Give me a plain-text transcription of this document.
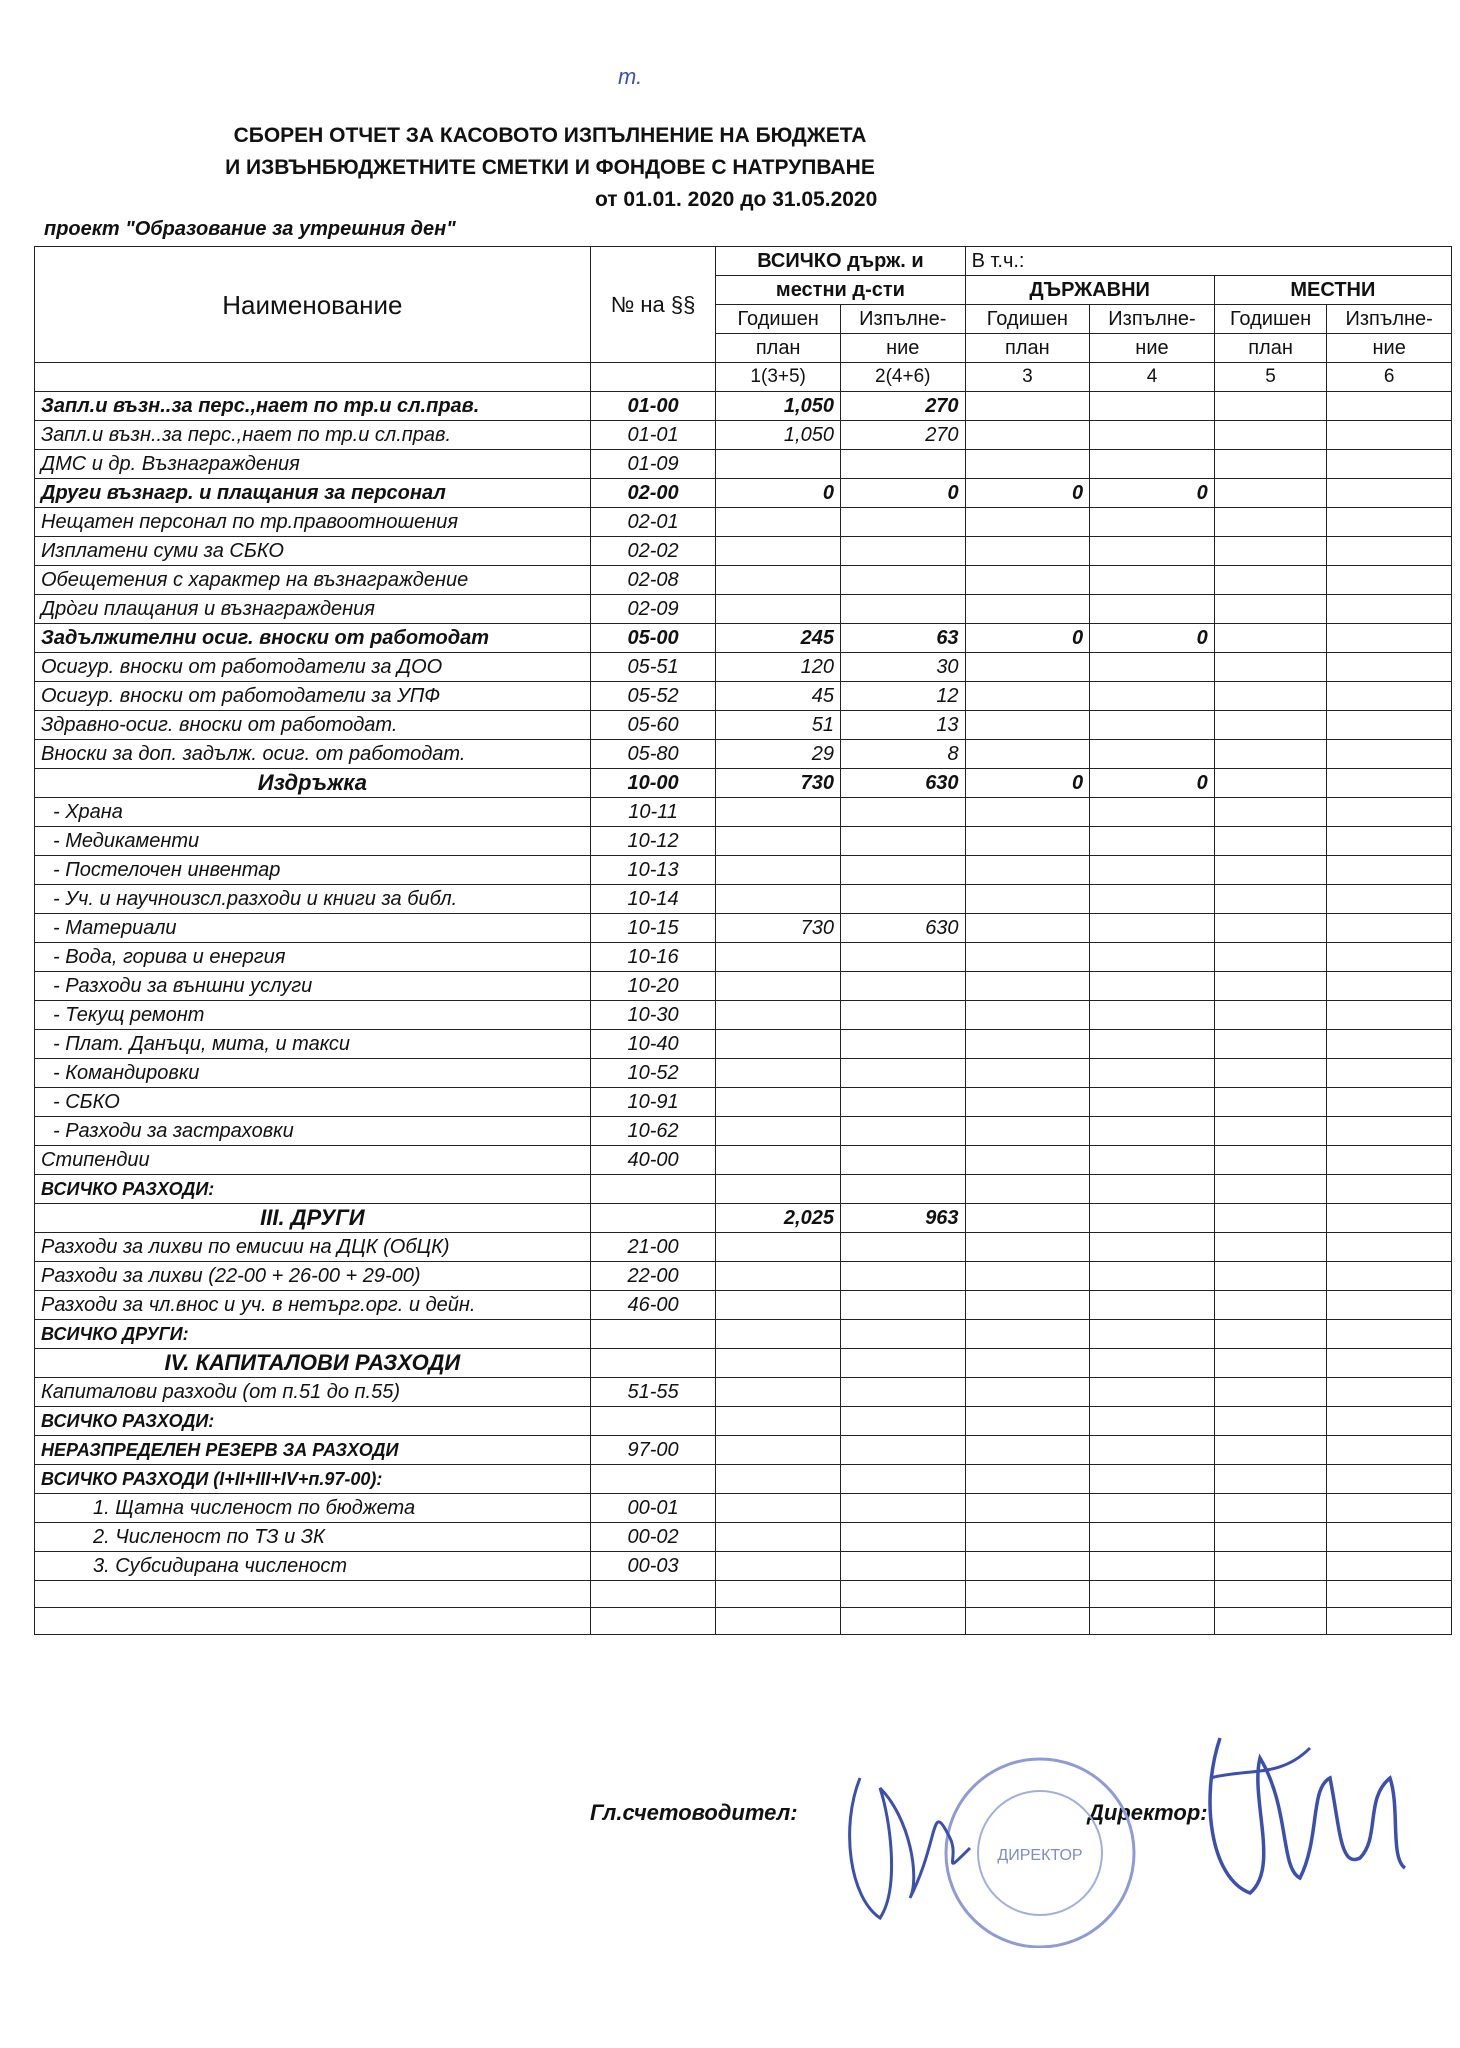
т.
СБОРЕН ОТЧЕТ ЗА КАСОВОТО ИЗПЪЛНЕНИЕ НА БЮДЖЕТА
И ИЗВЪНБЮДЖЕТНИТЕ СМЕТКИ И ФОНДОВЕ С НАТРУПВАНЕ
от 01.01. 2020 до 31.05.2020
проект "Образование за утрешния ден"
Наименование	№ на §§	ВСИЧКО държ. и		В т.ч.:			
		местни д-сти		ДЪРЖАВНИ		МЕСТНИ	
		Годишен	Изпълне-	Годишен	Изпълне-	Годишен	Изпълне-
		план	ние	план	ние	план	ние
		1(3+5)	2(4+6)	3	4	5	6
Запл.и възн..за перс.,нает по тр.и сл.прав.	01-00	1,050	270				
Запл.и възн..за перс.,нает по тр.и сл.прав.	01-01	1,050	270				
ДМС и др. Възнаграждения	01-09						
Други възнагр. и плащания за персонал	02-00	0	0	0	0		
Нещатен персонал по тр.правоотношения	02-01						
Изплатени суми за СБКО	02-02						
Обещетения с характер на възнаграждение	02-08						
Дрòги плащания и възнаграждения	02-09						
Задължителни осиг. вноски от работодат	05-00	245	63	0	0		
Осигур. вноски от работодатели за ДОО	05-51	120	30				
Осигур. вноски от работодатели за УПФ	05-52	45	12				
Здравно-осиг. вноски от работодат.	05-60	51	13				
Вноски за доп. задълж. осиг. от работодат.	05-80	29	8				
Издръжка	10-00	730	630	0	0		
- Храна	10-11						
- Медикаменти	10-12						
- Постелочен инвентар	10-13						
- Уч. и научноизсл.разходи и книги за библ.	10-14						
- Материали	10-15	730	630				
- Вода, горива и енергия	10-16						
- Разходи за външни услуги	10-20						
- Текущ ремонт	10-30						
- Плат. Данъци, мита, и такси	10-40						
- Командировки	10-52						
- СБКО	10-91						
- Разходи за застраховки	10-62						
Стипендии	40-00						
ВСИЧКО РАЗХОДИ:							
III. ДРУГИ		2,025	963				
Разходи за лихви по емисии на ДЦК (ОбЦК)	21-00						
Разходи за лихви (22-00 + 26-00 + 29-00)	22-00						
Разходи за чл.внос и уч. в нетърг.орг. и дейн.	46-00						
ВСИЧКО ДРУГИ:							
IV. КАПИТАЛОВИ РАЗХОДИ							
Капиталови разходи (от п.51 до п.55)	51-55						
ВСИЧКО РАЗХОДИ:							
НЕРАЗПРЕДЕЛЕН РЕЗЕРВ ЗА РАЗХОДИ	97-00						
ВСИЧКО РАЗХОДИ (I+II+III+IV+п.97-00):							
1. Щатна численост по бюджета	00-01						
2. Численост по ТЗ и ЗК	00-02						
3. Субсидирана численост	00-03						

Гл.счетоводител:	Директор:
ДИРЕКТОР
